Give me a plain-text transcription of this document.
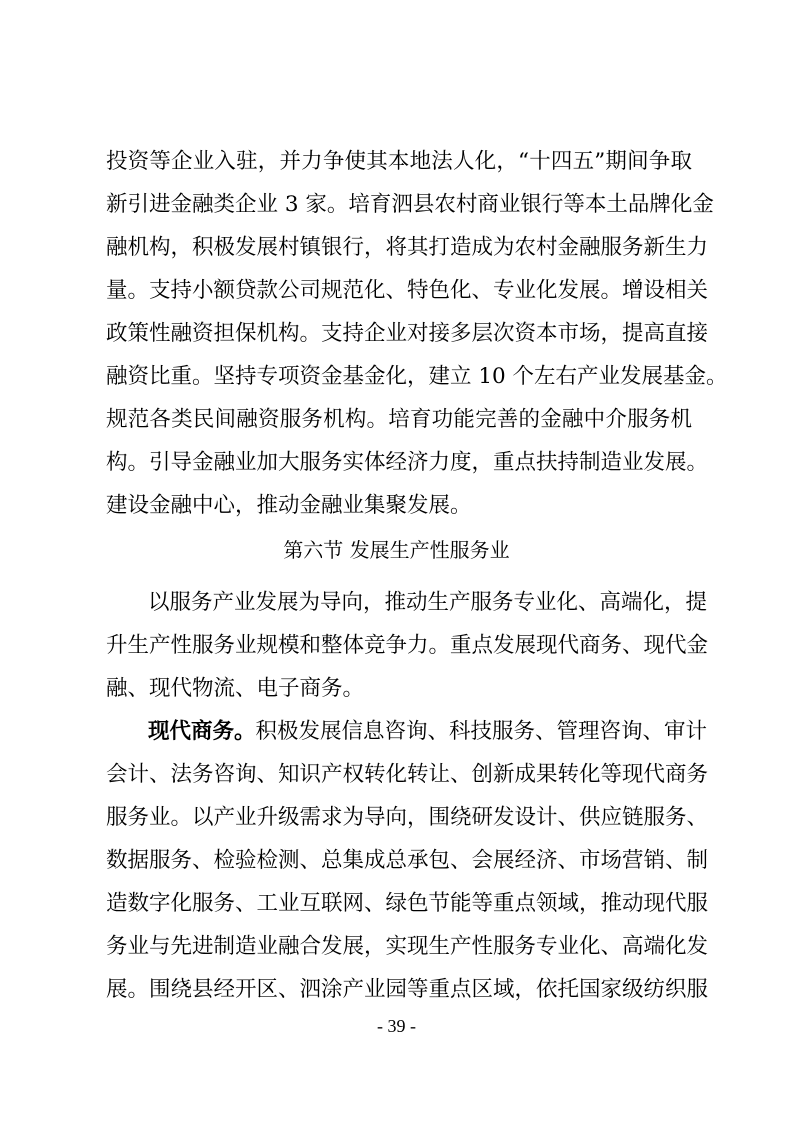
投资等企业入驻，并力争使其本地法人化，“十四五”期间争取
新引进金融类企业 3 家。培育泗县农村商业银行等本土品牌化金
融机构，积极发展村镇银行，将其打造成为农村金融服务新生力
量。支持小额贷款公司规范化、特色化、专业化发展。增设相关
政策性融资担保机构。支持企业对接多层次资本市场，提高直接
融资比重。坚持专项资金基金化，建立 10 个左右产业发展基金。
规范各类民间融资服务机构。培育功能完善的金融中介服务机
构。引导金融业加大服务实体经济力度，重点扶持制造业发展。
建设金融中心，推动金融业集聚发展。
第六节 发展生产性服务业
以服务产业发展为导向，推动生产服务专业化、高端化，提
升生产性服务业规模和整体竞争力。重点发展现代商务、现代金
融、现代物流、电子商务。
现代商务。积极发展信息咨询、科技服务、管理咨询、审计
会计、法务咨询、知识产权转化转让、创新成果转化等现代商务
服务业。以产业升级需求为导向，围绕研发设计、供应链服务、
数据服务、检验检测、总集成总承包、会展经济、市场营销、制
造数字化服务、工业互联网、绿色节能等重点领域，推动现代服
务业与先进制造业融合发展，实现生产性服务专业化、高端化发
展。围绕县经开区、泗涂产业园等重点区域，依托国家级纺织服
- 39 -
